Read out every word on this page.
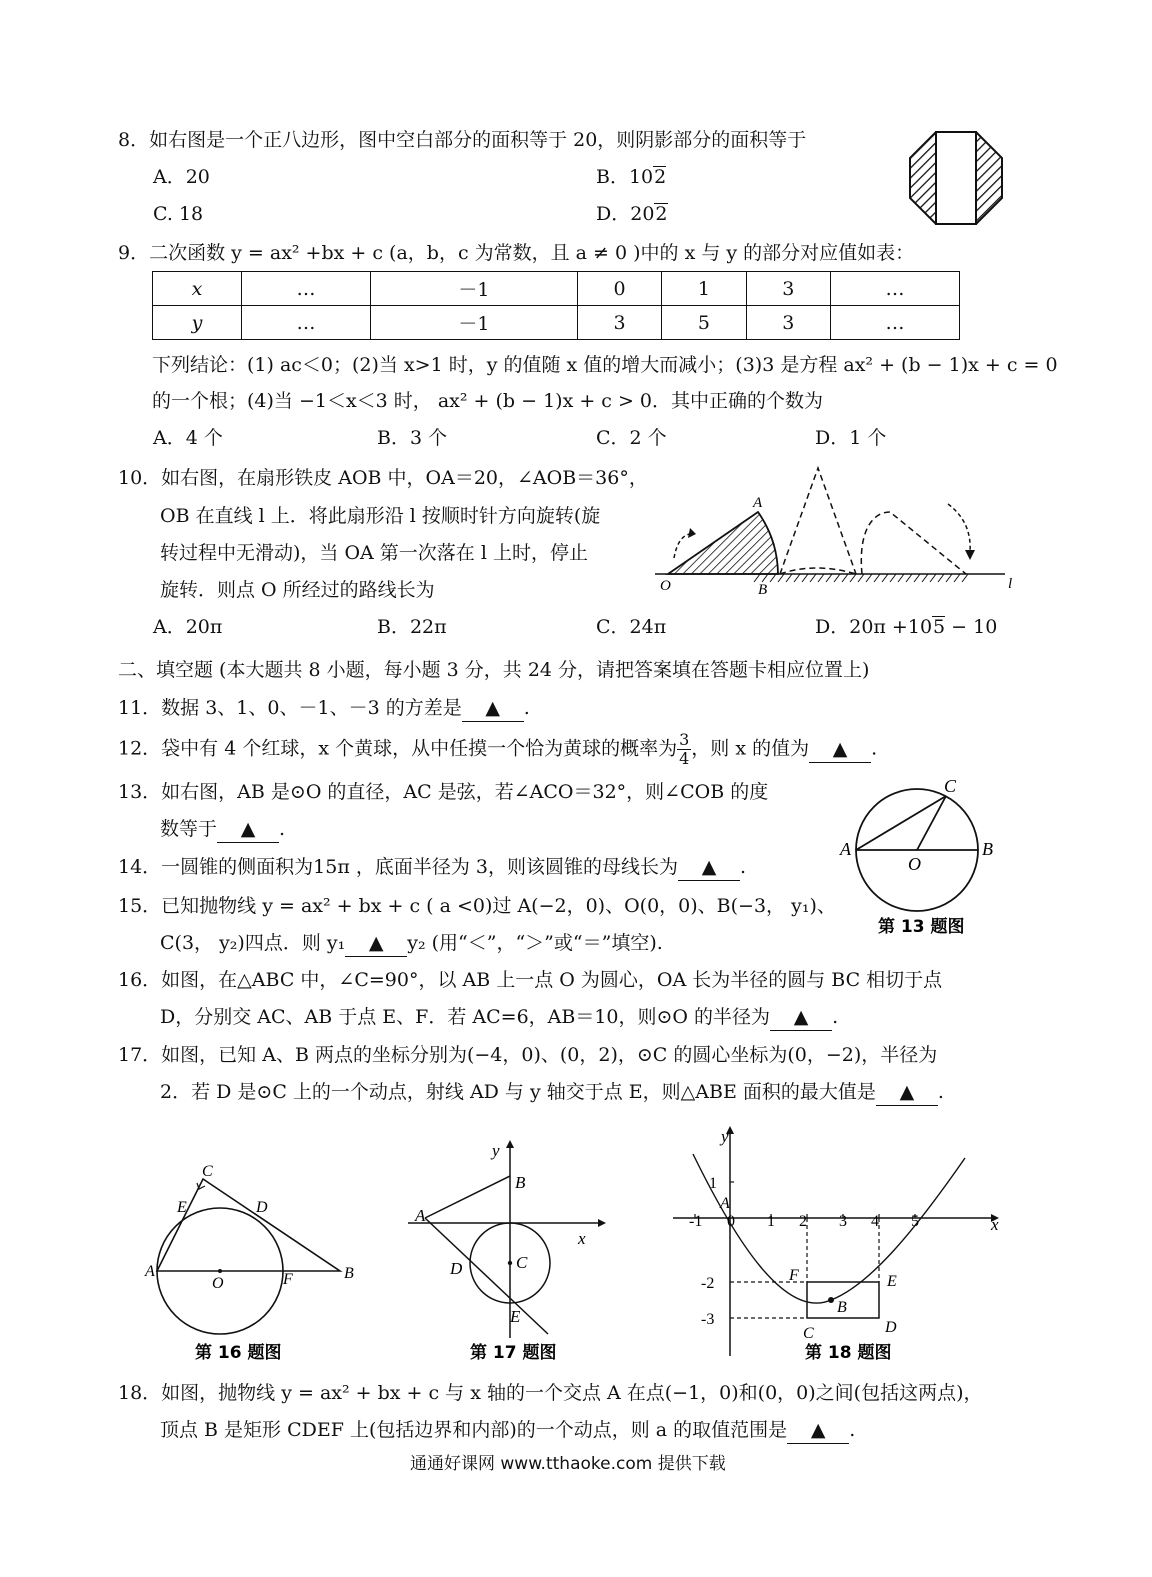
8．如右图是一个正八边形，图中空白部分的面积等于 20，则阴影部分的面积等于
A．20	B．102
C. 18	D．202
9．二次函数 y = ax² +bx + c (a，b，c 为常数，且 a ≠ 0 )中的 x 与 y 的部分对应值如表：
x	…	－1	0	1	3	…
y	…	－1	3	5	3	…
下列结论：(1) ac＜0；(2)当 x>1 时，y 的值随 x 值的增大而减小；(3)3 是方程 ax² + (b − 1)x + c = 0
的一个根；(4)当 −1＜x＜3 时， ax² + (b − 1)x + c > 0．其中正确的个数为
A．4 个	B．3 个	C．2 个	D．1 个
10．如右图，在扇形铁皮 AOB 中，OA＝20，∠AOB＝36°，
OB 在直线 l 上．将此扇形沿 l 按顺时针方向旋转(旋
转过程中无滑动)，当 OA 第一次落在 l 上时，停止
旋转．则点 O 所经过的路线长为
A
O	B	l
A．20π	B．22π	C．24π	D．20π +105 − 10
二、填空题 (本大题共 8 小题，每小题 3 分，共 24 分，请把答案填在答题卡相应位置上)
11．数据 3、1、0、－1、－3 的方差是 ▲ .
12．袋中有 4 个红球，x 个黄球，从中任摸一个恰为黄球的概率为 $\frac{3}{4}$ ，则 x 的值为 ▲ .
13．如右图，AB 是⊙O 的直径，AC 是弦，若∠ACO＝32°，则∠COB 的度
数等于 ▲ .
A	B
C
O
第 13 题图
14．一圆锥的侧面积为15π ，底面半径为 3，则该圆锥的母线长为 ▲ .
15．已知抛物线 y = ax² + bx + c ( a <0)过 A(−2，0)、O(0，0)、B(−3， y₁)、
C(3， y₂)四点．则 y₁ ▲ y₂ (用“＜”，“＞”或“＝”填空).
16．如图，在△ABC 中，∠C=90°，以 AB 上一点 O 为圆心，OA 长为半径的圆与 BC 相切于点
D，分别交 AC、AB 于点 E、F．若 AC=6，AB＝10，则⊙O 的半径为 ▲ .
17．如图，已知 A、B 两点的坐标分别为(−4，0)、(0，2)，⊙C 的圆心坐标为(0，−2)，半径为
2．若 D 是⊙C 上的一个动点，射线 AD 与 y 轴交于点 E，则△ABE 面积的最大值是 ▲ .
A	B
C
D
E
F
O
第 16 题图
A
B
C
D
E
x
y
第 17 题图
-1	1 2 3 4 5
0
1
-2
-3
A
B
C	D
E
F
x
y
第 18 题图
18．如图，抛物线 y = ax² + bx + c 与 x 轴的一个交点 A 在点(−1，0)和(0，0)之间(包括这两点)，
顶点 B 是矩形 CDEF 上(包括边界和内部)的一个动点，则 a 的取值范围是 ▲ .
通通好课网 www.tthaoke.com 提供下载
